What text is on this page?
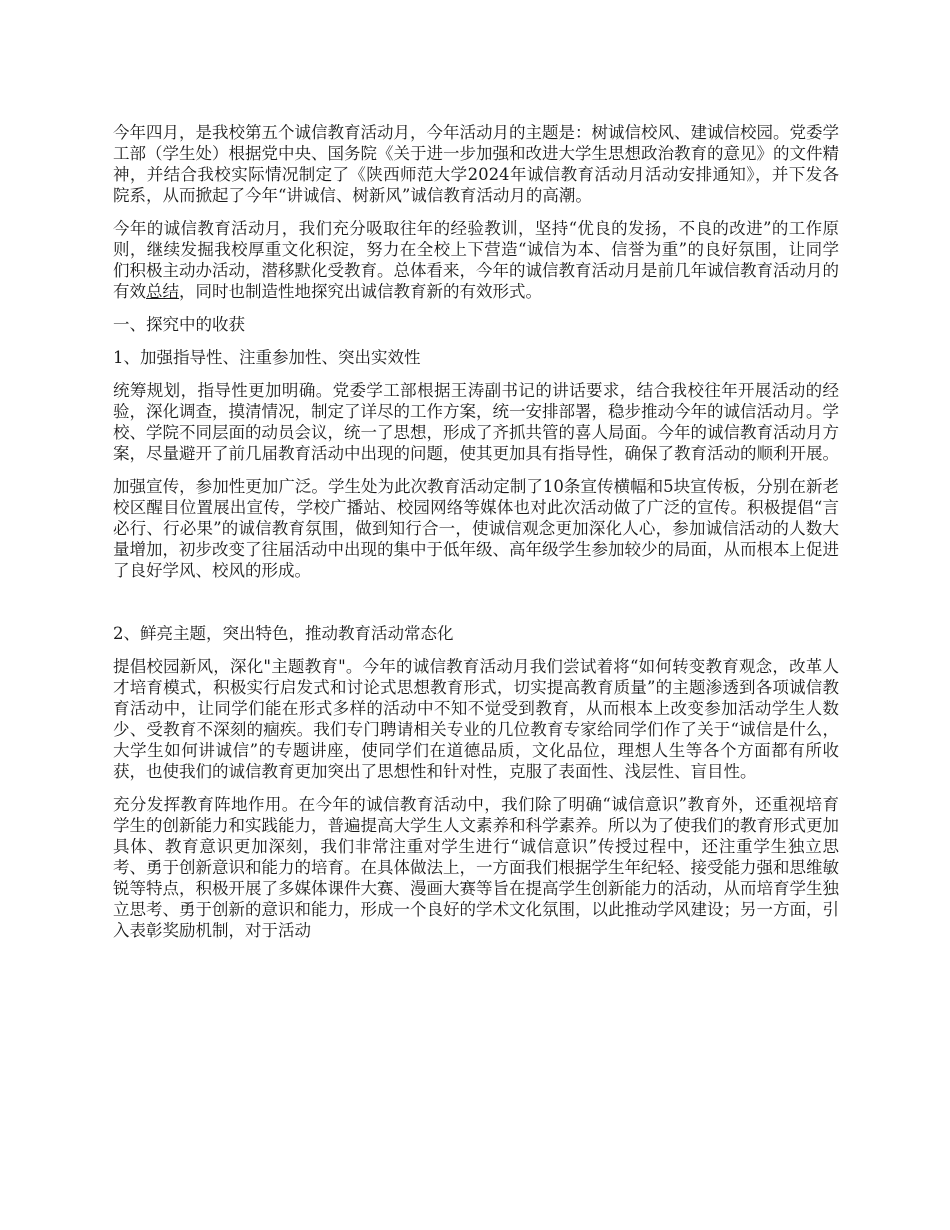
今年四月，是我校第五个诚信教育活动月，今年活动月的主题是：树诚信校风、建诚信校园。党委学工部（学生处）根据党中央、国务院《关于进一步加强和改进大学生思想政治教育的意见》的文件精神，并结合我校实际情况制定了《陕西师范大学2024年诚信教育活动月活动安排通知》，并下发各院系，从而掀起了今年“讲诚信、树新风”诚信教育活动月的高潮。

今年的诚信教育活动月，我们充分吸取往年的经验教训，坚持“优良的发扬，不良的改进”的工作原则，继续发掘我校厚重文化积淀，努力在全校上下营造“诚信为本、信誉为重”的良好氛围，让同学们积极主动办活动，潜移默化受教育。总体看来，今年的诚信教育活动月是前几年诚信教育活动月的有效总结，同时也制造性地探究出诚信教育新的有效形式。

一、探究中的收获

1、加强指导性、注重参加性、突出实效性

统筹规划，指导性更加明确。党委学工部根据王涛副书记的讲话要求，结合我校往年开展活动的经验，深化调查，摸清情况，制定了详尽的工作方案，统一安排部署，稳步推动今年的诚信活动月。学校、学院不同层面的动员会议，统一了思想，形成了齐抓共管的喜人局面。今年的诚信教育活动月方案，尽量避开了前几届教育活动中出现的问题，使其更加具有指导性，确保了教育活动的顺利开展。

加强宣传，参加性更加广泛。学生处为此次教育活动定制了10条宣传横幅和5块宣传板，分别在新老校区醒目位置展出宣传，学校广播站、校园网络等媒体也对此次活动做了广泛的宣传。积极提倡“言必行、行必果”的诚信教育氛围，做到知行合一，使诚信观念更加深化人心，参加诚信活动的人数大量增加，初步改变了往届活动中出现的集中于低年级、高年级学生参加较少的局面，从而根本上促进了良好学风、校风的形成。

2、鲜亮主题，突出特色，推动教育活动常态化

提倡校园新风，深化"主题教育"。今年的诚信教育活动月我们尝试着将“如何转变教育观念，改革人才培育模式，积极实行启发式和讨论式思想教育形式，切实提高教育质量”的主题渗透到各项诚信教育活动中，让同学们能在形式多样的活动中不知不觉受到教育，从而根本上改变参加活动学生人数少、受教育不深刻的痼疾。我们专门聘请相关专业的几位教育专家给同学们作了关于“诚信是什么，大学生如何讲诚信”的专题讲座，使同学们在道德品质，文化品位，理想人生等各个方面都有所收获，也使我们的诚信教育更加突出了思想性和针对性，克服了表面性、浅层性、盲目性。

充分发挥教育阵地作用。在今年的诚信教育活动中，我们除了明确“诚信意识”教育外，还重视培育学生的创新能力和实践能力，普遍提高大学生人文素养和科学素养。所以为了使我们的教育形式更加具体、教育意识更加深刻，我们非常注重对学生进行“诚信意识”传授过程中，还注重学生独立思考、勇于创新意识和能力的培育。在具体做法上，一方面我们根据学生年纪轻、接受能力强和思维敏锐等特点，积极开展了多媒体课件大赛、漫画大赛等旨在提高学生创新能力的活动，从而培育学生独立思考、勇于创新的意识和能力，形成一个良好的学术文化氛围，以此推动学风建设；另一方面，引入表彰奖励机制，对于活动
